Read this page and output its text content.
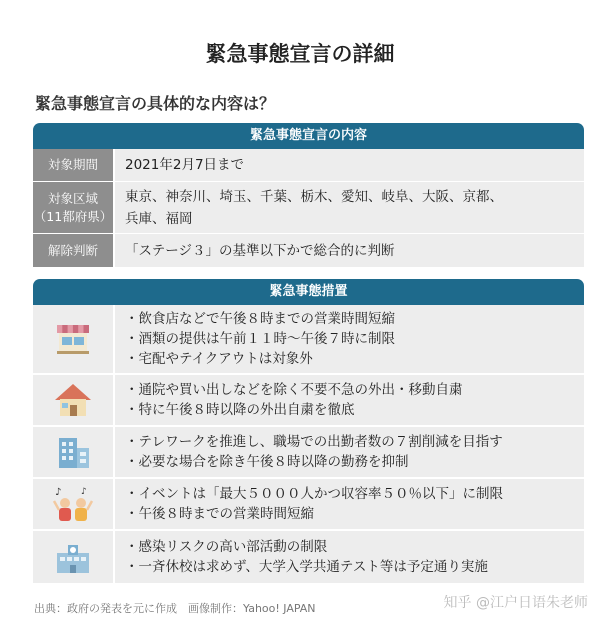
緊急事態宣言の詳細
緊急事態宣言の具体的な内容は？
緊急事態宣言の内容
対象期間	2021年2月7日まで
対象区域
（11都府県）
東京、神奈川、埼玉、千葉、栃木、愛知、岐阜、大阪、京都、
兵庫、福岡
解除判断	「ステージ３」の基準以下かで総合的に判断
緊急事態措置
・ 飲食店などで午後８時までの営業時間短縮
・ 酒類の提供は午前１１時～午後７時に制限
・ 宅配やテイクアウトは対象外
・ 通院や買い出しなどを除く不要不急の外出・移動自粛
・ 特に午後８時以降の外出自粛を徹底
・ テレワークを推進し、職場での出勤者数の７割削減を目指す
・ 必要な場合を除き午後８時以降の勤務を抑制
♪ ♪
・	イベントは「最大５０００人かつ収容率５０％以下」に制限
・ 午後８時までの営業時間短縮
・ 感染リスクの高い部活動の制限
・ 一斉休校は求めず、大学入学共通テスト等は予定通り実施
出典：政府の発表を元に作成　画像制作：Yahoo! JAPAN	知乎 @江户日语朱老师
